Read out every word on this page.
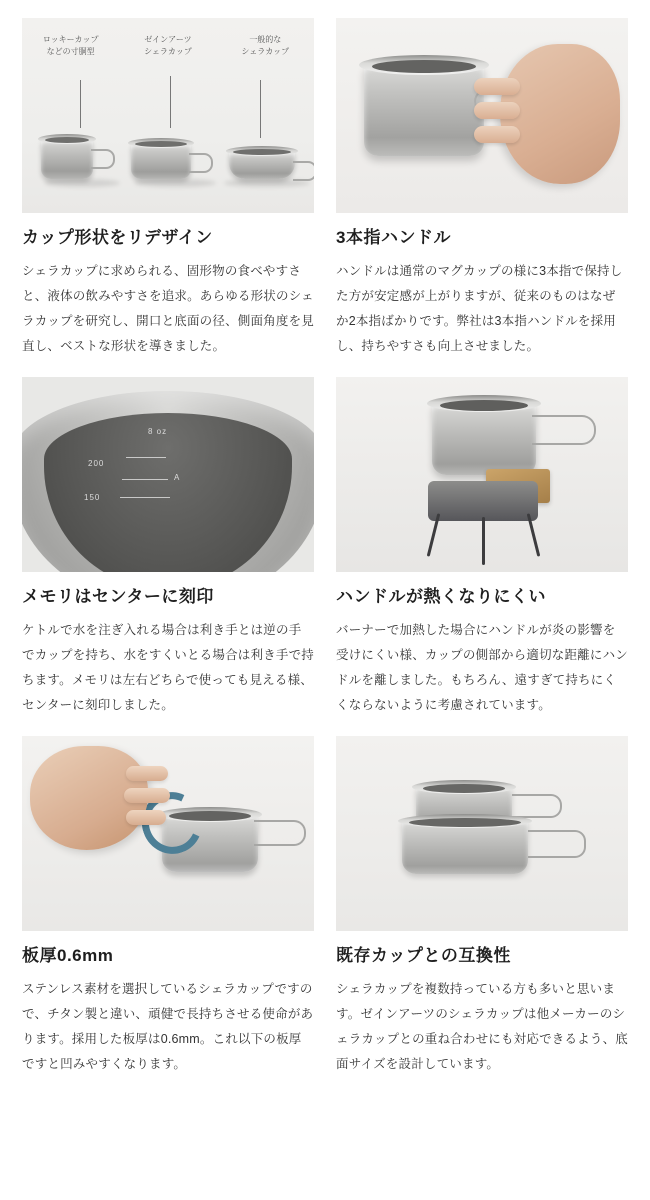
ロッキーカップ
などの寸胴型
ゼインアーツ
シェラカップ
一般的な
シェラカップ
カップ形状をリデザイン
シェラカップに求められる、固形物の食べやすさと、液体の飲みやすさを追求。あらゆる形状のシェラカップを研究し、開口と底面の径、側面角度を見直し、ベストな形状を導きました。
3本指ハンドル
ハンドルは通常のマグカップの様に3本指で保持した方が安定感が上がりますが、従来のものはなぜか2本指ばかりです。弊社は3本指ハンドルを採用し、持ちやすさも向上させました。
8 oz
200
A
150
メモリはセンターに刻印
ケトルで水を注ぎ入れる場合は利き手とは逆の手でカップを持ち、水をすくいとる場合は利き手で持ちます。メモリは左右どちらで使っても見える様、センターに刻印しました。
ハンドルが熱くなりにくい
バーナーで加熱した場合にハンドルが炎の影響を受けにくい様、カップの側部から適切な距離にハンドルを離しました。もちろん、遠すぎて持ちにくくならないように考慮されています。
板厚0.6mm
ステンレス素材を選択しているシェラカップですので、チタン製と違い、頑健で長持ちさせる使命があります。採用した板厚は0.6mm。これ以下の板厚ですと凹みやすくなります。
既存カップとの互換性
シェラカップを複数持っている方も多いと思います。ゼインアーツのシェラカップは他メーカーのシェラカップとの重ね合わせにも対応できるよう、底面サイズを設計しています。
